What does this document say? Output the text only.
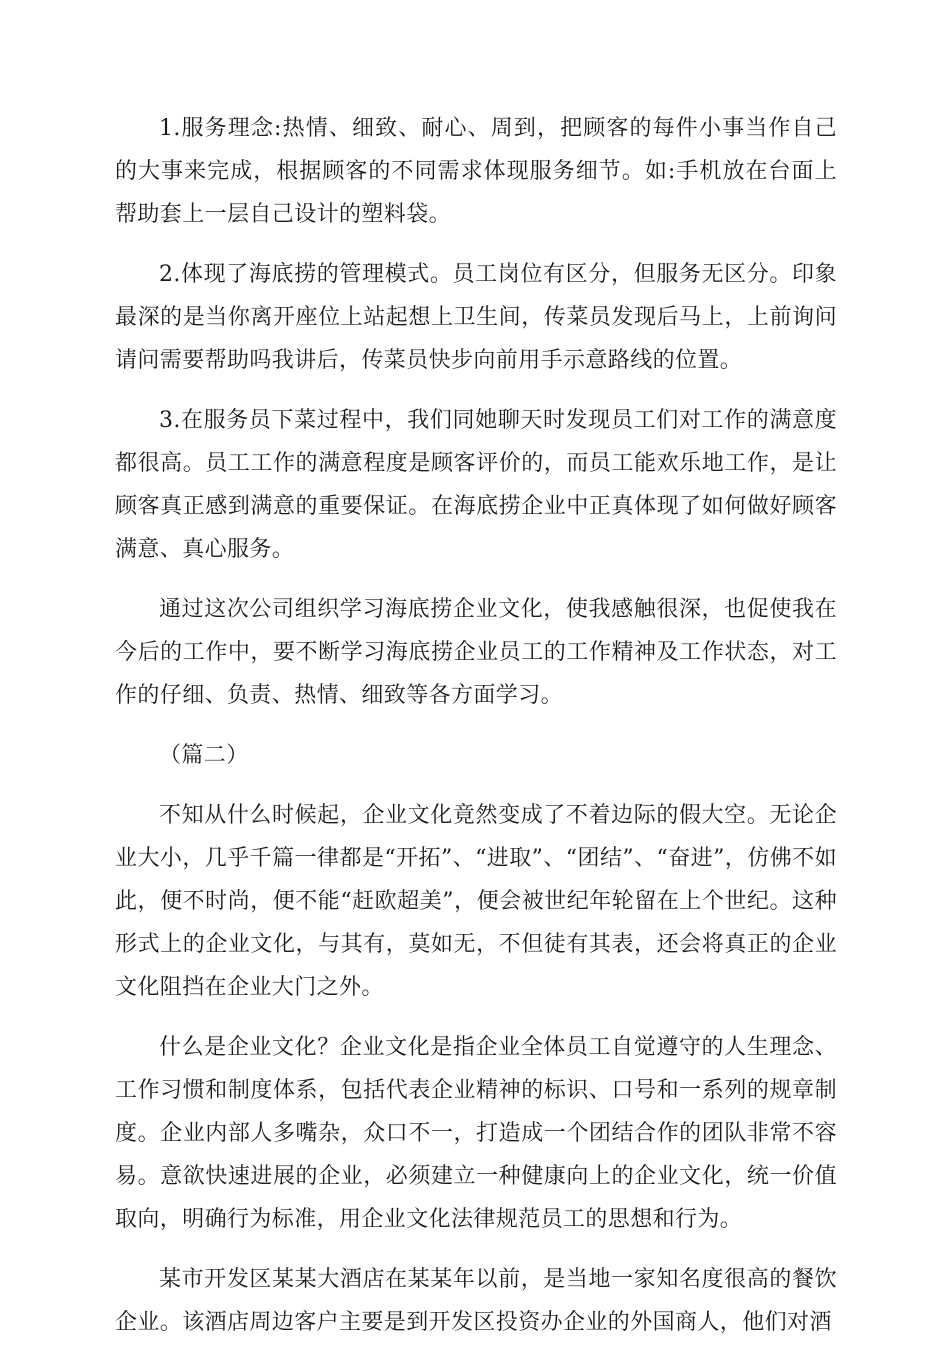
1.服务理念:热情、细致、耐心、周到，把顾客的每件小事当作自己的大事来完成，根据顾客的不同需求体现服务细节。如:手机放在台面上帮助套上一层自己设计的塑料袋。

2.体现了海底捞的管理模式。员工岗位有区分，但服务无区分。印象最深的是当你离开座位上站起想上卫生间，传菜员发现后马上，上前询问请问需要帮助吗我讲后，传菜员快步向前用手示意路线的位置。

3.在服务员下菜过程中，我们同她聊天时发现员工们对工作的满意度都很高。员工工作的满意程度是顾客评价的，而员工能欢乐地工作，是让顾客真正感到满意的重要保证。在海底捞企业中正真体现了如何做好顾客满意、真心服务。

通过这次公司组织学习海底捞企业文化，使我感触很深，也促使我在今后的工作中，要不断学习海底捞企业员工的工作精神及工作状态，对工作的仔细、负责、热情、细致等各方面学习。

（篇二）

不知从什么时候起，企业文化竟然变成了不着边际的假大空。无论企业大小，几乎千篇一律都是“开拓”、“进取”、“团结”、“奋进”，仿佛不如此，便不时尚，便不能“赶欧超美”，便会被世纪年轮留在上个世纪。这种形式上的企业文化，与其有，莫如无，不但徒有其表，还会将真正的企业文化阻挡在企业大门之外。

什么是企业文化？企业文化是指企业全体员工自觉遵守的人生理念、工作习惯和制度体系，包括代表企业精神的标识、口号和一系列的规章制度。企业内部人多嘴杂，众口不一，打造成一个团结合作的团队非常不容易。意欲快速进展的企业，必须建立一种健康向上的企业文化，统一价值取向，明确行为标准，用企业文化法律规范员工的思想和行为。

某市开发区某某大酒店在某某年以前，是当地一家知名度很高的餐饮企业。该酒店周边客户主要是到开发区投资办企业的外国商人，他们对酒
